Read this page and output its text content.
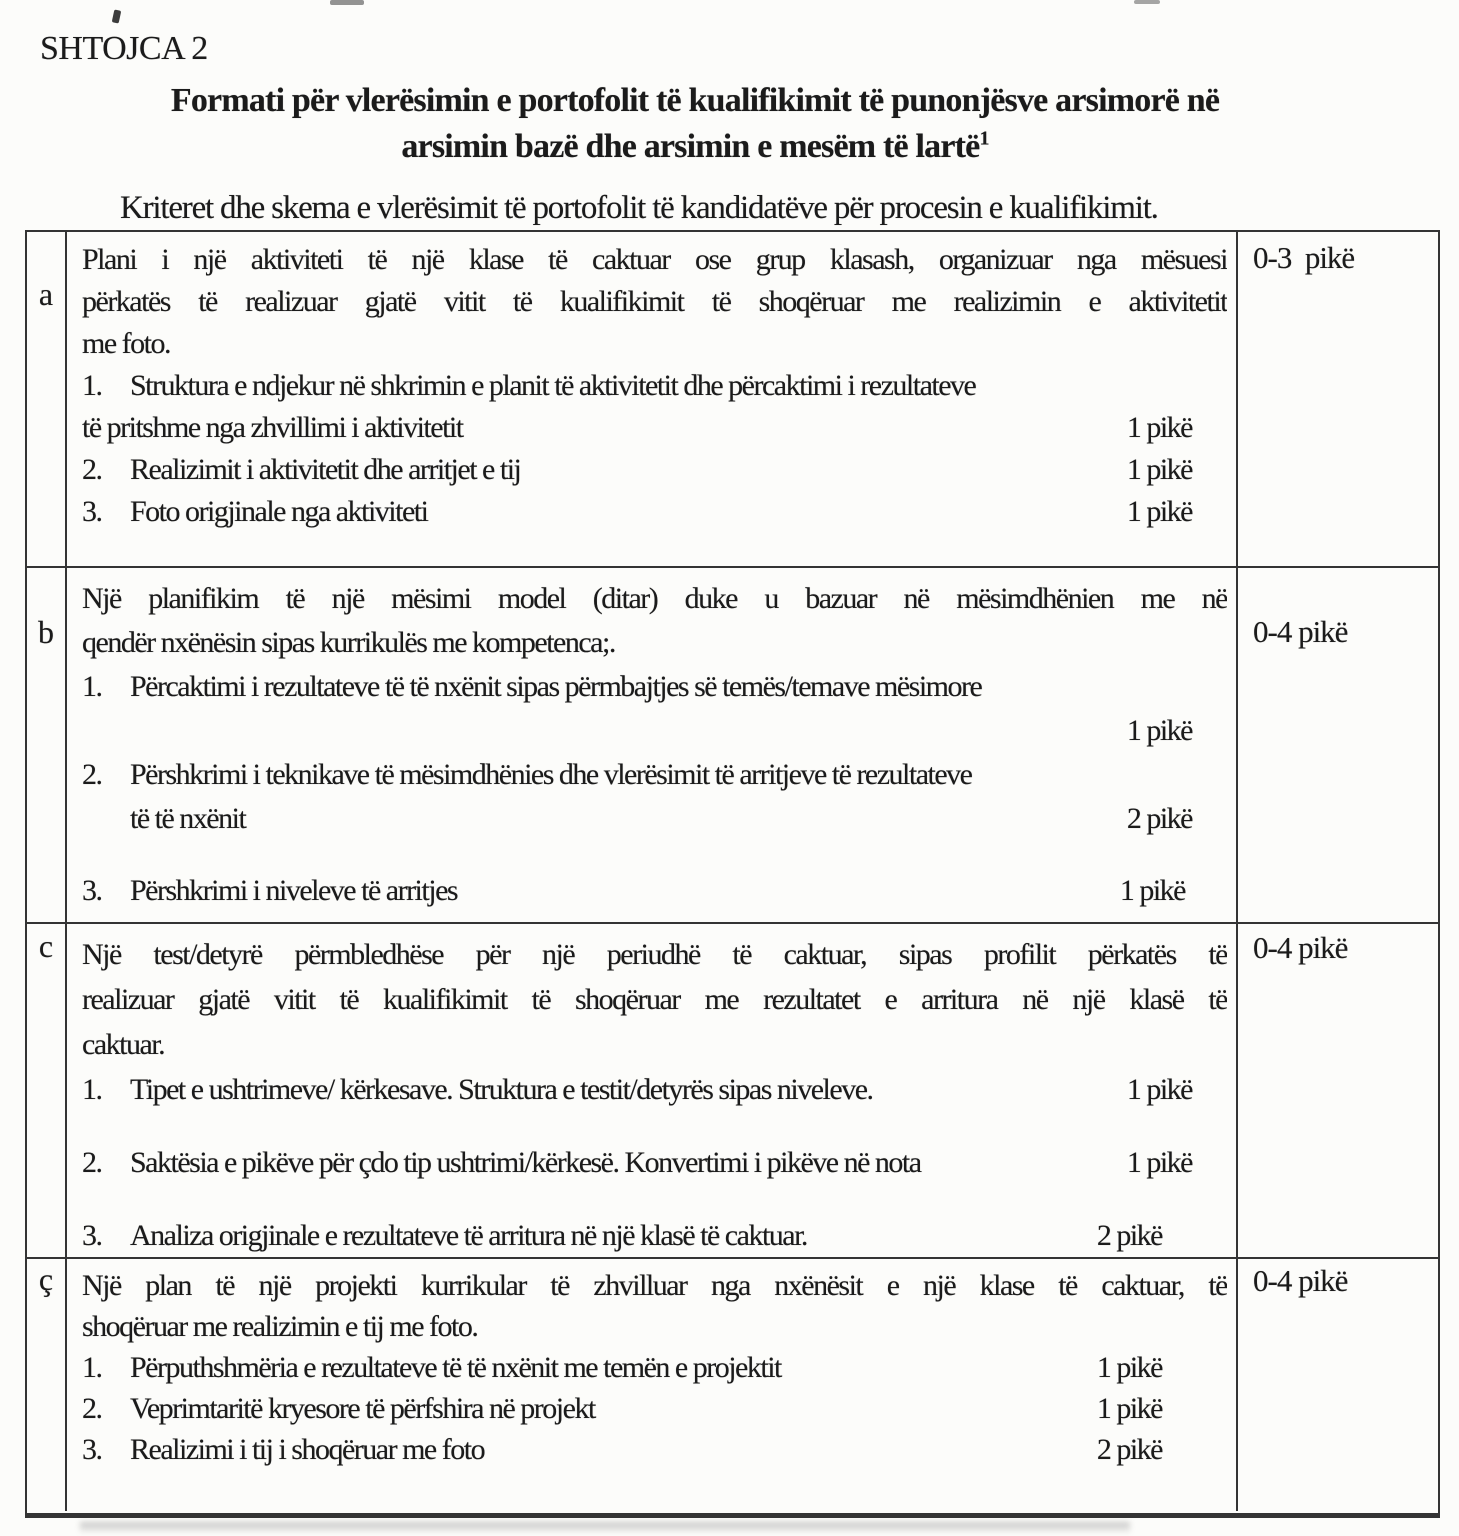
SHTOJCA 2
Formati për vlerësimin e portofolit të kualifikimit të punonjësve arsimorë në
arsimin bazë dhe arsimin e mesëm të lartë$^1$
Kriteret dhe skema e vlerësimit të portofolit të kandidatëve për procesin e kualifikimit.
a
Plani i një aktiviteti të një klase të caktuar ose grup klasash, organizuar nga mësuesi
përkatës të realizuar gjatë vitit të kualifikimit të shoqëruar me realizimin e aktivitetit
me foto.
1. Struktura e ndjekur në shkrimin e planit të aktivitetit dhe përcaktimi i rezultateve
të pritshme nga zhvillimi i aktivitetit	1 pikë
2. Realizimit i aktivitetit dhe arritjet e tij	1 pikë
3. Foto origjinale nga aktiviteti	1 pikë
0-3  pikë
b
Një planifikim të një mësimi model (ditar) duke u bazuar në mësimdhënien me në
qendër nxënësin sipas kurrikulës me kompetenca;.
1. Përcaktimi i rezultateve të të nxënit sipas përmbajtjes së temës/temave mësimore
1 pikë
2. Përshkrimi i teknikave të mësimdhënies dhe vlerësimit të arritjeve të rezultateve
të të nxënit	2 pikë
3. Përshkrimi i niveleve të arritjes	1 pikë
0-4 pikë
c Një test/detyrë përmbledhëse për një periudhë të caktuar, sipas profilit përkatës të
realizuar gjatë vitit të kualifikimit të shoqëruar me rezultatet e arritura në një klasë të
caktuar.
1. Tipet e ushtrimeve/ kërkesave. Struktura e testit/detyrës sipas niveleve.	1 pikë
2. Saktësia e pikëve për çdo tip ushtrimi/kërkesë. Konvertimi i pikëve në nota	1 pikë
3. Analiza origjinale e rezultateve të arritura në një klasë të caktuar.	2 pikë
0-4 pikë
ç Një plan të një projekti kurrikular të zhvilluar nga nxënësit e një klase të caktuar, të
shoqëruar me realizimin e tij me foto.
1. Përputhshmëria e rezultateve të të nxënit me temën e projektit	1 pikë
2. Veprimtaritë kryesore të përfshira në projekt	1 pikë
3. Realizimi i tij i shoqëruar me foto	2 pikë
0-4 pikë
